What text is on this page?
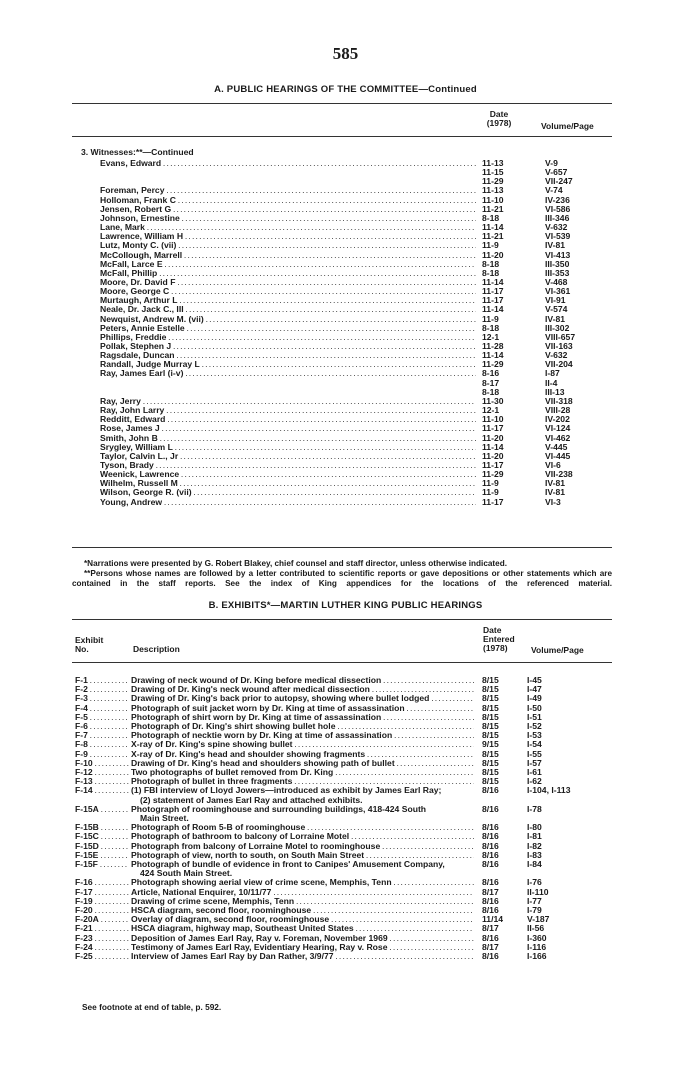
585
A. PUBLIC HEARINGS OF THE COMMITTEE—Continued
Date
(1978)	Volume/Page
3. Witnesses:**—Continued
Evans, Edward . . .	11-13	V-9
11-15	V-657
11-29	VII-247
Foreman, Percy . . .	11-13	V-74
Holloman, Frank C . . .	11-10	IV-236
Jensen, Robert G . . .	11-21	VI-586
Johnson, Ernestine . . .	8-18	III-346
Lane, Mark . . .	11-14	V-632
Lawrence, William H . . .	11-21	VI-539
Lutz, Monty C. (vii) . . .	11-9	IV-81
McCollough, Marrell . . .	11-20	VI-413
McFall, Larce E . . .	8-18	III-350
McFall, Phillip . . .	8-18	III-353
Moore, Dr. David F . . .	11-14	V-468
Moore, George C . . .	11-17	VI-361
Murtaugh, Arthur L . . .	11-17	VI-91
Neale, Dr. Jack C., III . . .	11-14	V-574
Newquist, Andrew M. (vii) . . .	11-9	IV-81
Peters, Annie Estelle . . .	8-18	III-302
Phillips, Freddie . . .	12-1	VIII-657
Pollak, Stephen J . . .	11-28	VII-163
Ragsdale, Duncan . . .	11-14	V-632
Randall, Judge Murray L . . .	11-29	VII-204
Ray, James Earl (i-v) . . .	8-16	I-87
8-17	II-4
8-18	III-13
Ray, Jerry . . .	11-30	VII-318
Ray, John Larry . . .	12-1	VIII-28
Redditt, Edward . . .	11-10	IV-202
Rose, James J . . .	11-17	VI-124
Smith, John B . . .	11-20	VI-462
Srygley, William L . . .	11-14	V-445
Taylor, Calvin L., Jr . . .	11-20	VI-445
Tyson, Brady . . .	11-17	VI-6
Weenick, Lawrence . . .	11-29	VII-238
Wilhelm, Russell M . . .	11-9	IV-81
Wilson, George R. (vii) . . .	11-9	IV-81
Young, Andrew . . .	11-17	VI-3
*Narrations were presented by G. Robert Blakey, chief counsel and staff director, unless otherwise indicated.
**Persons whose names are followed by a letter contributed to scientific reports or gave depositions or other statements which are contained in the staff reports. See the index of King appendices for the locations of the referenced material.
B. EXHIBITS*—MARTIN LUTHER KING PUBLIC HEARINGS
Exhibit
No.	Description
Date
Entered
(1978)	Volume/Page
F-1 . . .	Drawing of neck wound of Dr. King before medical dissection . . .	8/15	I-45
F-2 . . .	Drawing of Dr. King's neck wound after medical dissection . . .	8/15	I-47
F-3 . . .	Drawing of Dr. King's back prior to autopsy, showing where bullet lodged . . .	8/15	I-49
F-4 . . .	Photograph of suit jacket worn by Dr. King at time of assassination . . .	8/15	I-50
F-5 . . .	Photograph of shirt worn by Dr. King at time of assassination . . .	8/15	I-51
F-6 . . .	Photograph of Dr. King's shirt showing bullet hole . . .	8/15	I-52
F-7 . . .	Photograph of necktie worn by Dr. King at time of assassination . . .	8/15	I-53
F-8 . . .	X-ray of Dr. King's spine showing bullet . . .	9/15	I-54
F-9 . . .	X-ray of Dr. King's head and shoulder showing fragments . . .	8/15	I-55
F-10 . . .	Drawing of Dr. King's head and shoulders showing path of bullet . . .	8/15	I-57
F-12 . . .	Two photographs of bullet removed from Dr. King . . .	8/15	I-61
F-13 . . .	Photograph of bullet in three fragments . . .	8/15	I-62
F-14 . . .	(1) FBI interview of Lloyd Jowers—introduced as exhibit by James Earl Ray;	8/16	I-104, I-113
(2) statement of James Earl Ray and attached exhibits.
F-15A . . .	Photograph of roominghouse and surrounding buildings, 418-424 South	8/16	I-78
Main Street.
F-15B . . .	Photograph of Room 5-B of roominghouse . . .	8/16	I-80
F-15C . . .	Photograph of bathroom to balcony of Lorraine Motel . . .	8/16	I-81
F-15D . . .	Photograph from balcony of Lorraine Motel to roominghouse . . .	8/16	I-82
F-15E . . .	Photograph of view, north to south, on South Main Street . . .	8/16	I-83
F-15F . . .	Photograph of bundle of evidence in front to Canipes' Amusement Company,	8/16	I-84
424 South Main Street.
F-16 . . .	Photograph showing aerial view of crime scene, Memphis, Tenn . . .	8/16	I-76
F-17 . . .	Article, National Enquirer, 10/11/77 . . .	8/17	II-110
F-19 . . .	Drawing of crime scene, Memphis, Tenn . . .	8/16	I-77
F-20 . . .	HSCA diagram, second floor, roominghouse . . .	8/16	I-79
F-20A . . .	Overlay of diagram, second floor, roominghouse . . .	11/14	V-187
F-21 . . .	HSCA diagram, highway map, Southeast United States . . .	8/17	II-56
F-23 . . .	Deposition of James Earl Ray, Ray v. Foreman, November 1969 . . .	8/16	I-360
F-24 . . .	Testimony of James Earl Ray, Evidentiary Hearing, Ray v. Rose . . .	8/17	I-116
F-25 . . .	Interview of James Earl Ray by Dan Rather, 3/9/77 . . .	8/16	I-166
See footnote at end of table, p. 592.
